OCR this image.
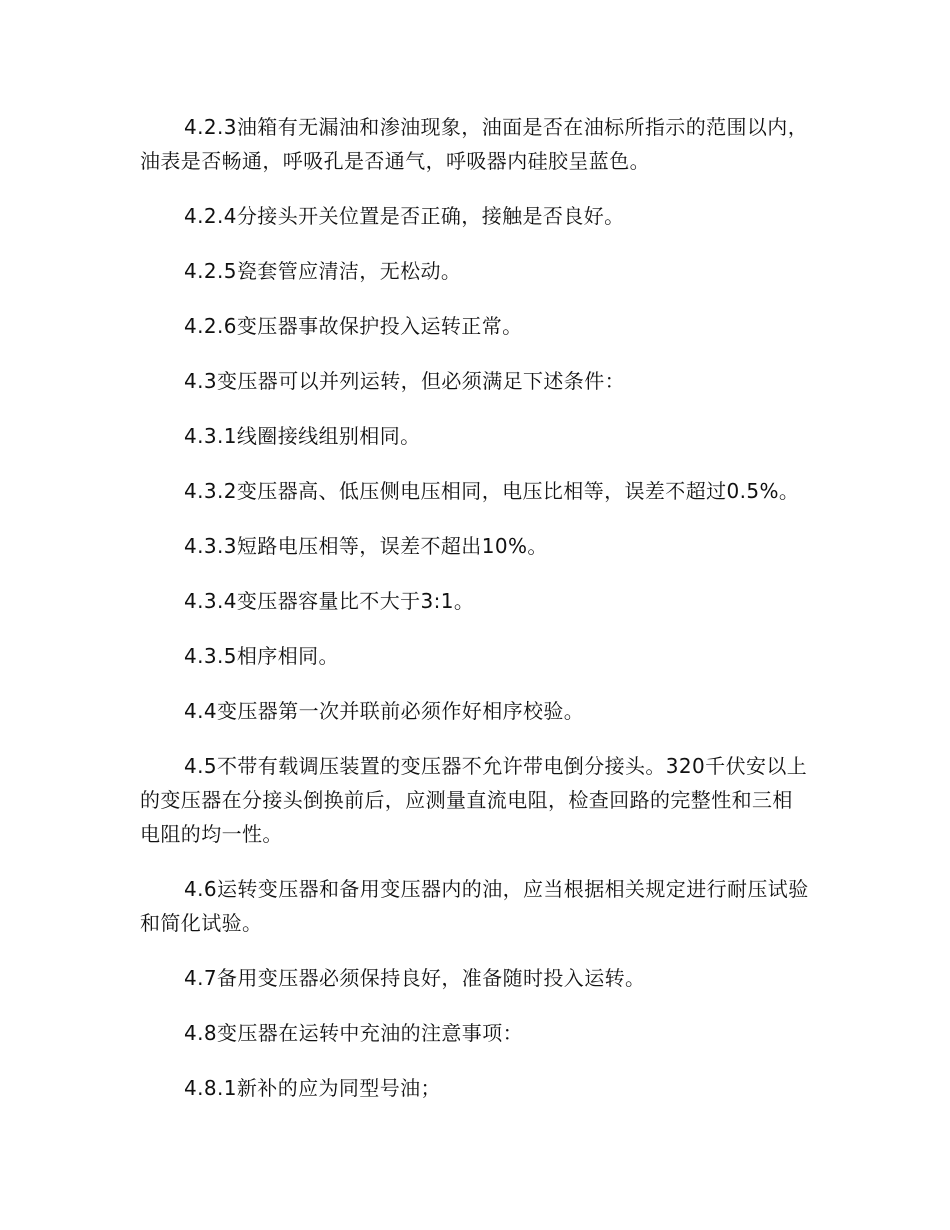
4.2.3油箱有无漏油和渗油现象，油面是否在油标所指示的范围以内，油表是否畅通，呼吸孔是否通气，呼吸器内硅胶呈蓝色。

4.2.4分接头开关位置是否正确，接触是否良好。

4.2.5瓷套管应清洁，无松动。

4.2.6变压器事故保护投入运转正常。

4.3变压器可以并列运转，但必须满足下述条件：

4.3.1线圈接线组别相同。

4.3.2变压器高、低压侧电压相同，电压比相等，误差不超过0.5%。

4.3.3短路电压相等，误差不超出10%。

4.3.4变压器容量比不大于3:1。

4.3.5相序相同。

4.4变压器第一次并联前必须作好相序校验。

4.5不带有载调压装置的变压器不允许带电倒分接头。320千伏安以上的变压器在分接头倒换前后，应测量直流电阻，检查回路的完整性和三相电阻的均一性。

4.6运转变压器和备用变压器内的油，应当根据相关规定进行耐压试验和简化试验。

4.7备用变压器必须保持良好，准备随时投入运转。

4.8变压器在运转中充油的注意事项：

4.8.1新补的应为同型号油；
